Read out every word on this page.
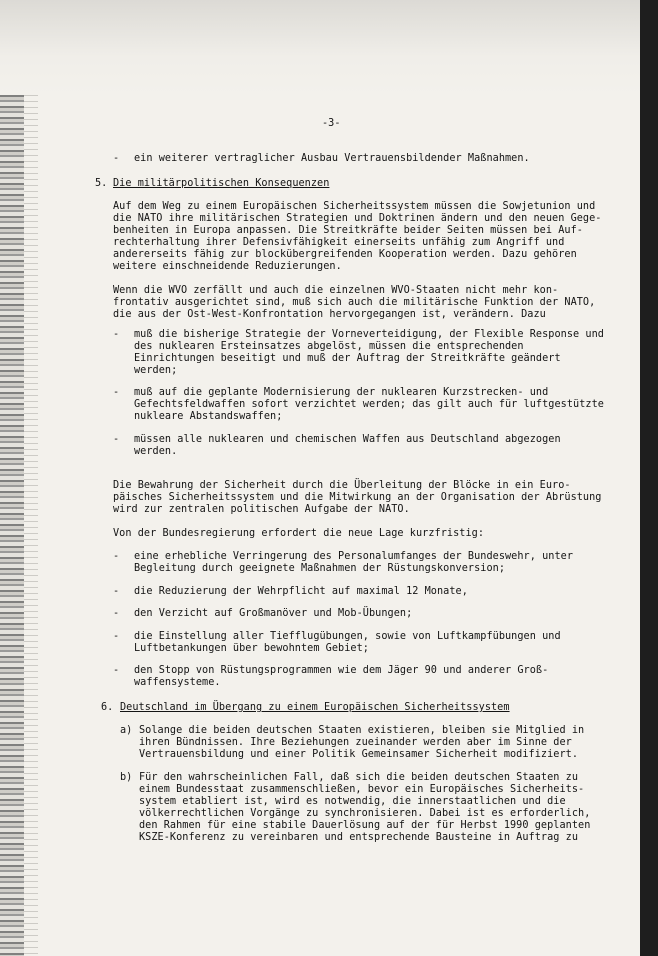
-3-
- ein weiterer vertraglicher Ausbau Vertrauensbildender Maßnahmen.
5. Die militärpolitischen Konsequenzen
Auf dem Weg zu einem Europäischen Sicherheitssystem müssen die Sowjetunion und
die NATO ihre militärischen Strategien und Doktrinen ändern und den neuen Gege-
benheiten in Europa anpassen. Die Streitkräfte beider Seiten müssen bei Auf-
rechterhaltung ihrer Defensivfähigkeit einerseits unfähig zum Angriff und
andererseits fähig zur blockübergreifenden Kooperation werden. Dazu gehören
weitere einschneidende Reduzierungen.
Wenn die WVO zerfällt und auch die einzelnen WVO-Staaten nicht mehr kon-
frontativ ausgerichtet sind, muß sich auch die militärische Funktion der NATO,
die aus der Ost-West-Konfrontation hervorgegangen ist, verändern. Dazu
- muß die bisherige Strategie der Vorneverteidigung, der Flexible Response und
des nuklearen Ersteinsatzes abgelöst, müssen die entsprechenden
Einrichtungen beseitigt und muß der Auftrag der Streitkräfte geändert
werden;
- muß auf die geplante Modernisierung der nuklearen Kurzstrecken- und
Gefechtsfeldwaffen sofort verzichtet werden; das gilt auch für luftgestützte
nukleare Abstandswaffen;
- müssen alle nuklearen und chemischen Waffen aus Deutschland abgezogen
werden.
Die Bewahrung der Sicherheit durch die Überleitung der Blöcke in ein Euro-
päisches Sicherheitssystem und die Mitwirkung an der Organisation der Abrüstung
wird zur zentralen politischen Aufgabe der NATO.
Von der Bundesregierung erfordert die neue Lage kurzfristig:
- eine erhebliche Verringerung des Personalumfanges der Bundeswehr, unter
Begleitung durch geeignete Maßnahmen der Rüstungskonversion;
- die Reduzierung der Wehrpflicht auf maximal 12 Monate,
- den Verzicht auf Großmanöver und Mob-Übungen;
- die Einstellung aller Tiefflugübungen, sowie von Luftkampfübungen und
Luftbetankungen über bewohntem Gebiet;
- den Stopp von Rüstungsprogrammen wie dem Jäger 90 und anderer Groß-
waffensysteme.
6. Deutschland im Übergang zu einem Europäischen Sicherheitssystem
a) Solange die beiden deutschen Staaten existieren, bleiben sie Mitglied in
ihren Bündnissen. Ihre Beziehungen zueinander werden aber im Sinne der
Vertrauensbildung und einer Politik Gemeinsamer Sicherheit modifiziert.
b) Für den wahrscheinlichen Fall, daß sich die beiden deutschen Staaten zu
einem Bundesstaat zusammenschließen, bevor ein Europäisches Sicherheits-
system etabliert ist, wird es notwendig, die innerstaatlichen und die
völkerrechtlichen Vorgänge zu synchronisieren. Dabei ist es erforderlich,
den Rahmen für eine stabile Dauerlösung auf der für Herbst 1990 geplanten
KSZE-Konferenz zu vereinbaren und entsprechende Bausteine in Auftrag zu
